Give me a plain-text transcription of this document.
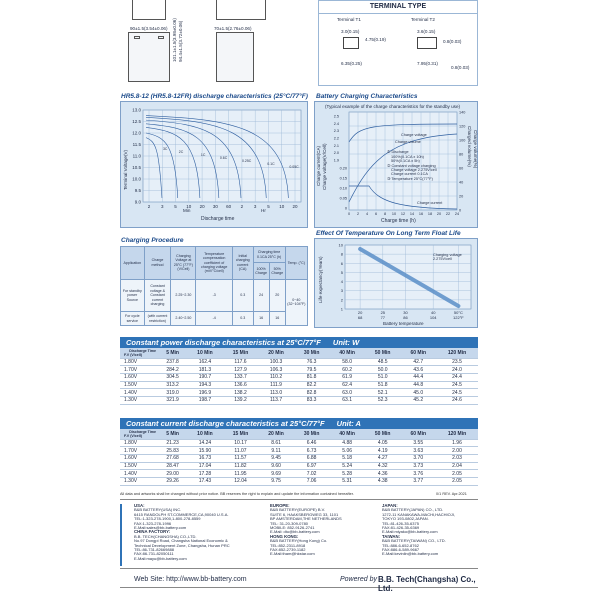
90±1.5(3.54±0.06)	70±1.5(2.76±0.06)
101.1±1.5(3.98±0.06) 94.4±1.5(3.72±0.06)
TERMINAL TYPE
Terminal T1	Terminal T2
3.0(0.15)
4.75(0.19)
6.35(0.25)
3.6(0.15)
0.8(0.03)
7.95(0.31)
0.8(0.03)
HR5.8-12 (HR5.8-12FR) discharge characteristics (25°C/77°F)
Terminal Voltage(V)
13.0
12.5
12.0
11.5
11.0
10.5
10.0
9.5
9.0
2 3 5 10 20 30 60 2 3 5 10 20
3C
2C
1C
0.6C
0.25C
0.1C
0.05C
Min	Hr
Discharge time
Battery Charging Characteristics
(Typical example of the charge characteristics for the standby use)
Charge current(CA) Charge voltage(V/Cell)	Charged volume(%) Charge volume(%)
0 2 4 6 8 10 12 14 16 18 20 22 24
140
120
100
80
60
40
20
0
2.5
2.4
2.3
2.2
2.1
2.0
1.9
0.20
0.15
0.10
0.05
0
Charge voltage
Charge volume
① Discharge
100%(0.1CA x 10h)
50%(0.1CA x 5h)
② Constant voltage charging
Charge voltage 2.275V/cell
Charge current 0.1CA
③ Temperature 25°C(77°F)
Charge current
Charge time (h)
Charging Procedure
Application	Charge method	Charging Voltage at 25°C (77°F)(V/Cell)	Temperature compensation coefficient of charging voltage (mV/°C/cell)	Initial charging current (CA)	Charging time 0.1CA 25°C (h)		Temp. (°C)
					100% Charge	50% Charge	
For standby power Source	Constant voltage & Constant current charging	2.25~2.30	-3	0.3	24	20	0~40 (32~104°F)
For cycle service	(with current restriction)	2.40~2.50	-4	0.3	16	16	
Effect Of Temperature On Long Term Float Life
Life expectancy(Years)
10
8
6
5
4
3
2
1
20
68
25
77
30
86
40
104
50°C
122°F
Charging voltage 2.275V/cell
Battery temperature
Constant power discharge characteristics at 25°C/77°F Unit: W
Discharge Time
F.V (V/cell)	5 Min	10 Min	15 Min	20 Min	30 Min	40 Min	50 Min	60 Min	120 Min
1.80V	237.8	162.4	117.6	100.3	76.3	58.0	48.5	42.7	23.5
1.70V	284.2	181.3	127.9	106.3	79.5	60.2	50.0	43.6	24.0
1.60V	304.5	190.7	133.7	110.2	81.8	61.9	51.0	44.4	24.4
1.50V	313.2	194.3	136.6	111.9	82.2	62.4	51.8	44.8	24.5
1.40V	319.0	196.9	138.2	113.0	82.8	63.0	52.1	45.0	24.5
1.30V	321.9	198.7	139.2	113.7	83.3	63.1	52.3	45.2	24.6
Constant current discharge characteristics at 25°C/77°F Unit: A
Discharge Time
F.V (V/cell)	5 Min	10 Min	15 Min	20 Min	30 Min	40 Min	50 Min	60 Min	120 Min
1.80V	21.23	14.24	10.17	8.61	6.46	4.88	4.05	3.55	1.96
1.70V	25.83	15.90	11.07	9.11	6.73	5.06	4.19	3.63	2.00
1.60V	27.68	16.73	11.57	9.45	6.88	5.18	4.27	3.70	2.03
1.50V	28.47	17.04	11.82	9.60	6.97	5.24	4.32	3.73	2.04
1.40V	29.00	17.28	11.95	9.69	7.02	5.28	4.36	3.76	2.05
1.30V	29.26	17.43	12.04	9.75	7.06	5.31	4.38	3.77	2.05
All data and artworks shall be changed without prior notice. BB reserves the right to explain and update the information contained hereafter.	0/1 REV. Apr.2021
USA:
B&B BATTERY(USA) INC.
6415 RANDOLPH ST.COMMERCE,CA,90040 U.S.A.
TEL:1-323-278-1900,1-800-278-8559
FAX:1-323-278-1996
E-Mail:sales@bb-battery.com
CHINA FACTORY:
B.B. TECH(CHANGSHA) CO.,LTD.
No.97 Dongpi Road, Changsha National Economic &
Technical Development Zone, Changsha, Hunan PRC
TEL:86-731-82669888
FAX:86-731-82050111
E-Mail:mayu@bb-battery.com
EUROPE:
B&B BATTERY(EUROPE) B.V.
SUITE 6, HAAKSBERGWEG 33, 1101
BP AMSTERDAM,THE NETHERLANDS
TEL: 31-20-309-0780
MOBILE: 852-9126-2741
E-Mail: dtu@bb-battery.com
HONG KONG:
B&B BATTERY(Hong Kong) Co.
TEL:852-2311-8918
FAX:852-2739-1182
E-Mail:tham@hkstar.com
JAPAN:
B&B BATTERY(JAPAN) CO., LTD.
1272-11 KANAKAWA-MACHI,HACHIOJI,
TOKYO 193-0802,JAPAN.
TEL:81-426-35-6375
FAX:81-426-35-6369
E-Mail:miyako@bb-battery.com
TAIWAN:
B&B BATTERY(TAIWAN) CO., LTD.
TEL:886-6-652-8762
FAX:886-6-589-9667
E-Mail:kevinlin@bb-battery.com
Web Site: http://www.bb-battery.com	Powered by B.B. Tech(Changsha) Co., Ltd.
